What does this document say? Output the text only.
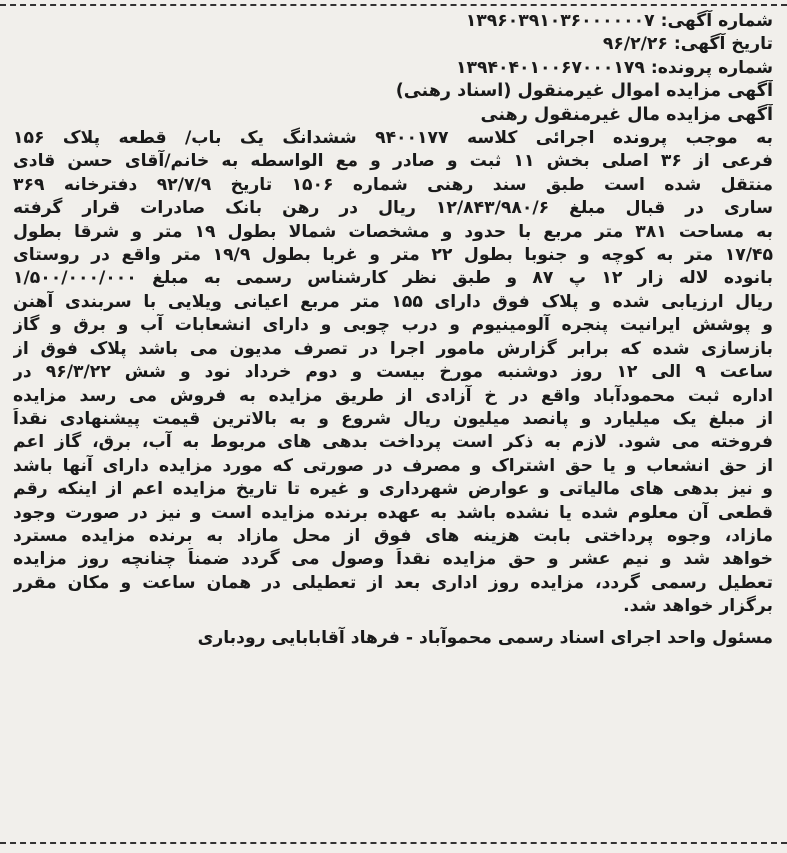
شماره آگهی: ۱۳۹۶۰۳۹۱۰۳۶۰۰۰۰۰۰۷
تاریخ آگهی: ۹۶/۲/۲۶
شماره پرونده: ۱۳۹۴۰۴۰۱۰۰۶۷۰۰۰۱۷۹
آگهی مزایده اموال غیرمنقول (اسناد رهنی)
آگهی مزایده مال غیرمنقول رهنی
به موجب پرونده اجرائی کلاسه ۹۴۰۰۱۷۷ ششدانگ یک باب/ قطعه پلاک ۱۵۶
فرعی از ۳۶ اصلی بخش ۱۱ ثبت و صادر و مع الواسطه به خانم/آقای حسن قادی
منتقل شده است طبق سند رهنی شماره ۱۵۰۶ تاریخ ۹۲/۷/۹ دفترخانه ۳۶۹
ساری در قبال مبلغ ۱۲/۸۴۳/۹۸۰/۶ ریال در رهن بانک صادرات قرار گرفته
به مساحت ۳۸۱ متر مربع با حدود و مشخصات شمالا بطول ۱۹ متر و شرقا بطول
۱۷/۴۵ متر به کوچه و جنوبا بطول ۲۲ متر و غربا بطول ۱۹/۹ متر واقع در روستای
بانوده لاله زار ۱۲ پ ۸۷ و طبق نظر کارشناس رسمی به مبلغ ۱/۵۰۰/۰۰۰/۰۰۰
ریال ارزیابی شده و پلاک فوق دارای ۱۵۵ متر مربع اعیانی ویلایی با سربندی آهنن
و پوشش ایرانیت پنجره آلومینیوم و درب چوبی و دارای انشعابات آب و برق و گاز
بازسازی شده که برابر گزارش مامور اجرا در تصرف مدیون می باشد پلاک فوق از
ساعت ۹ الی ۱۲ روز دوشنبه مورخ بیست و دوم خرداد نود و شش ۹۶/۳/۲۲ در
اداره ثبت محمودآباد واقع در خ آزادی از طریق مزایده به فروش می رسد مزایده
از مبلغ یک میلیارد و پانصد میلیون ریال شروع و به بالاترین قیمت پیشنهادی نقداً
فروخته می شود. لازم به ذکر است پرداخت بدهی های مربوط به آب، برق، گاز اعم
از حق انشعاب و یا حق اشتراک و مصرف در صورتی که مورد مزایده دارای آنها باشد
و نیز بدهی های مالیاتی و عوارض شهرداری و غیره تا تاریخ مزایده اعم از اینکه رقم
قطعی آن معلوم شده یا نشده باشد به عهده برنده مزایده است و نیز در صورت وجود
مازاد، وجوه پرداختی بابت هزینه های فوق از محل مازاد به برنده مزایده مسترد
خواهد شد و نیم عشر و حق مزایده نقداً وصول می گردد ضمناً چنانچه روز مزایده
تعطیل رسمی گردد، مزایده روز اداری بعد از تعطیلی در همان ساعت و مکان مقرر
برگزار خواهد شد.
مسئول واحد اجرای اسناد رسمی محموآباد - فرهاد آقابابایی رودباری
